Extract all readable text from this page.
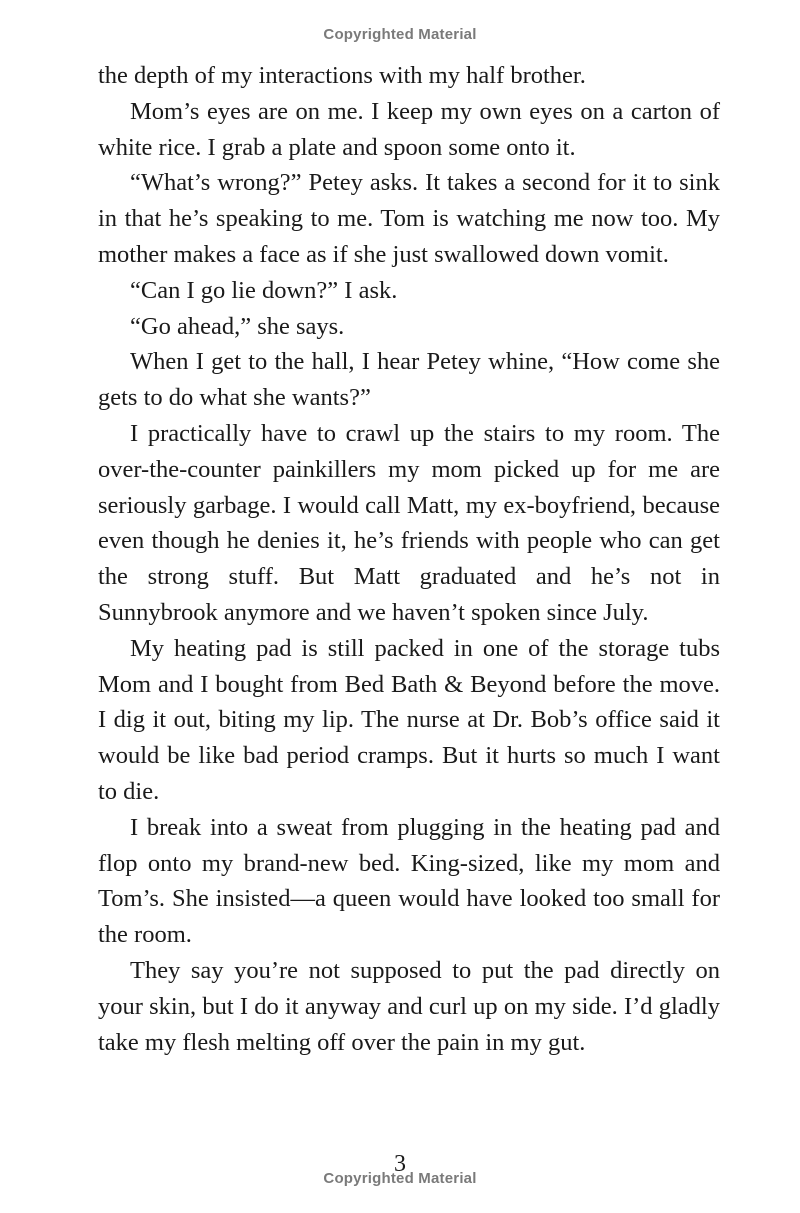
Copyrighted Material

the depth of my interactions with my half brother.

Mom’s eyes are on me. I keep my own eyes on a carton of white rice. I grab a plate and spoon some onto it.

“What’s wrong?” Petey asks. It takes a second for it to sink in that he’s speaking to me. Tom is watching me now too. My mother makes a face as if she just swallowed down vomit.

“Can I go lie down?” I ask.

“Go ahead,” she says.

When I get to the hall, I hear Petey whine, “How come she gets to do what she wants?”

I practically have to crawl up the stairs to my room. The over-the-counter painkillers my mom picked up for me are seriously garbage. I would call Matt, my ex-boyfriend, because even though he denies it, he’s friends with people who can get the strong stuff. But Matt graduated and he’s not in Sunnybrook anymore and we haven’t spoken since July.

My heating pad is still packed in one of the storage tubs Mom and I bought from Bed Bath & Beyond before the move. I dig it out, biting my lip. The nurse at Dr. Bob’s office said it would be like bad period cramps. But it hurts so much I want to die.

I break into a sweat from plugging in the heating pad and flop onto my brand-new bed. King-sized, like my mom and Tom’s. She insisted—a queen would have looked too small for the room.

They say you’re not supposed to put the pad directly on your skin, but I do it anyway and curl up on my side. I’d gladly take my flesh melting off over the pain in my gut.

3
Copyrighted Material
